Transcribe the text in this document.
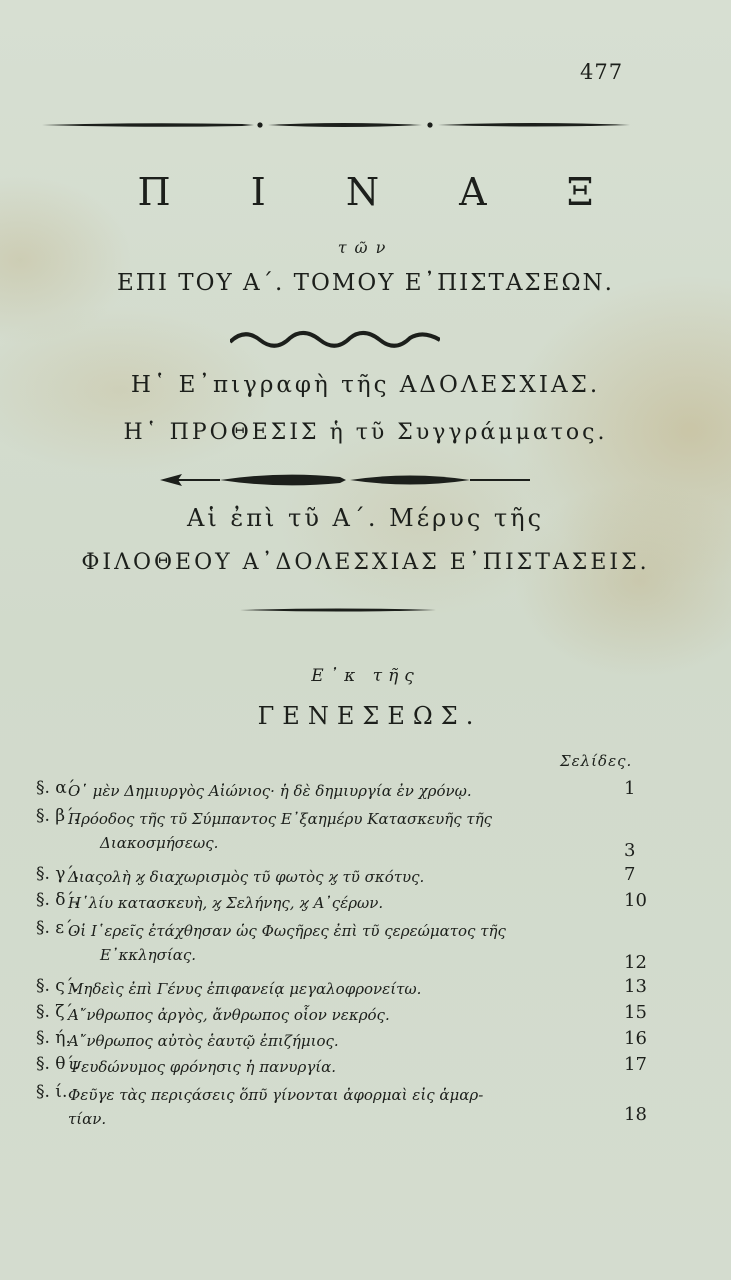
477
Π Ι Ν Α Ξ
τῶν
ΕΠΙ ΤΟΥ Α΄. ΤΟΜΟΥ Ε᾿ΠΙΣΤΑΣΕΩΝ.
Η῾ Ε᾿πιγραφὴ τῆς ΑΔΟΛΕΣΧΙΑΣ.
Η῾ ΠΡΟΘΕΣΙΣ ἡ τῦ Συγγράμματος.
Αἱ ἐπὶ τῦ Α΄. Μέρυς τῆς
ΦΙΛΟΘΕΟΥ Α᾿ΔΟΛΕΣΧΙΑΣ Ε᾿ΠΙΣΤΑΣΕΙΣ.
Ε᾿κ τῆς
ΓΕΝΕΣΕΩΣ.
Σελίδες.
§. α΄.
Ο῾ μὲν Δημιυργὸς Αἰώνιος· ἡ δὲ δημιυργία ἐν χρόνῳ.	1
§. β΄.
Πρόοδος τῆς τῦ Σύμπαντος Ε᾿ξαημέρυ Κατασκευῆς τῆς
Διακοσμήσεως.	3
§. γ΄.
Διαςολὴ ϗ διαχωρισμὸς τῦ φωτὸς ϗ τῦ σκότυς.	7
§. δ΄.
Η῾λίυ κατασκευὴ, ϗ Σελήνης, ϗ Α᾿ςέρων.	10
§. ε΄.
Οἱ Ι῾ερεῖς ἐτάχθησαν ὡς Φωςῆρες ἐπὶ τῦ ςερεώματος τῆς
Ε᾿κκλησίας.	12
§. ς΄.
Μηδεὶς ἐπὶ Γένυς ἐπιφανείᾳ μεγαλοφρονείτω.	13
§. ζ΄.
Α῎νθρωπος ἀργὸς, ἄνθρωπος οἷον νεκρός.	15
§. ή.
Α῎νθρωπος αὐτὸς ἑαυτῷ ἐπιζήμιος.	16
§. θ΄.
Ψευδώνυμος φρόνησις ἡ πανυργία.	17
§. ί. Φεῦγε τὰς περιςάσεις ὅπῦ γίνονται ἀφορμαὶ εἰς ἁμαρ-
τίαν.	18
